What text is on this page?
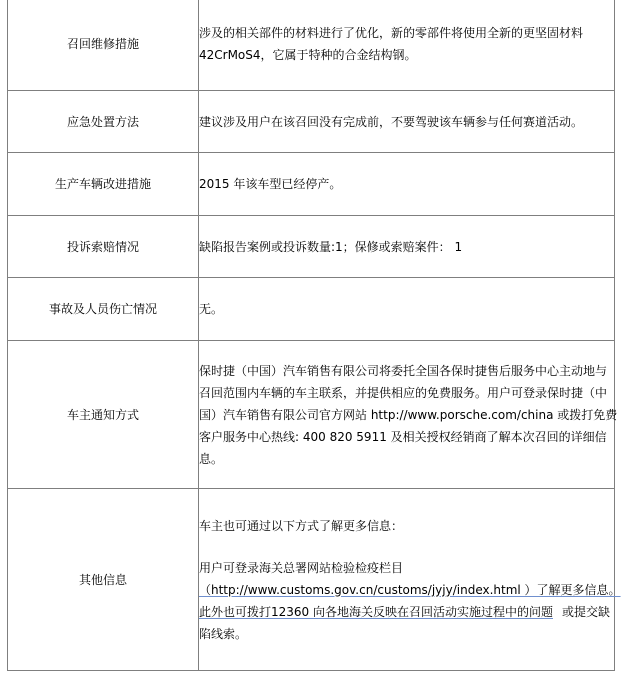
召回维修措施	涉及的相关部件的材料进行了优化，新的零部件将使用全新的更坚固材料
42CrMoS4，它属于特种的合金结构钢。

应急处置方法	建议涉及用户在该召回没有完成前，不要驾驶该车辆参与任何赛道活动。

生产车辆改进措施	2015 年该车型已经停产。

投诉索赔情况	缺陷报告案例或投诉数量:1；保修或索赔案件： 1

事故及人员伤亡情况	无。

车主通知方式	保时捷（中国）汽车销售有限公司将委托全国各保时捷售后服务中心主动地与
召回范围内车辆的车主联系，并提供相应的免费服务。用户可登录保时捷（中
国）汽车销售有限公司官方网站 http://www.porsche.com/china 或拨打免费
客户服务中心热线: 400 820 5911 及相关授权经销商了解本次召回的详细信
息。

其他信息	车主也可通过以下方式了解更多信息：
用户可登录海关总署网站检验检疫栏目
（http://www.customs.gov.cn/customs/jyjy/index.html ）了解更多信息。
此外也可拨打12360 向各地海关反映在召回活动实施过程中的问题 或提交缺
陷线索。
